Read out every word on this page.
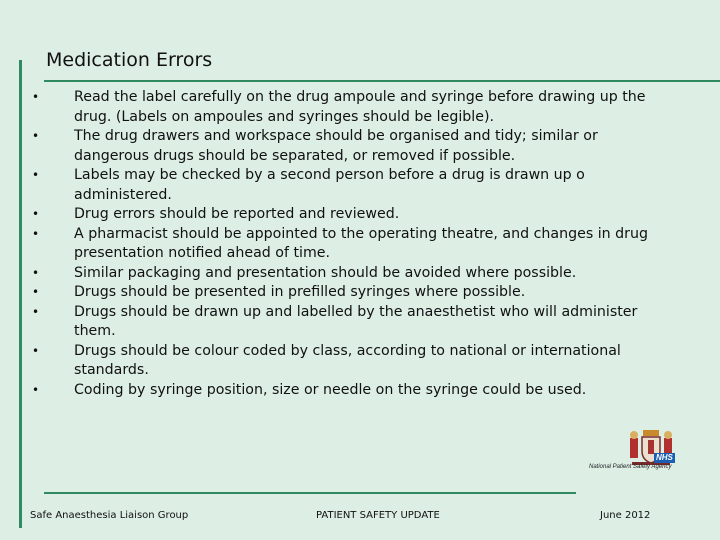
Medication Errors
• Read the label carefully on the drug ampoule and syringe before drawing up the drug. (Labels on ampoules and syringes should be legible).
• The drug drawers and workspace should be organised and tidy; similar or dangerous drugs should be separated, or removed if possible.
• Labels may be checked by a second person before a drug is drawn up o administered.
• Drug errors should be reported and reviewed.
• A pharmacist should be appointed to the operating theatre, and changes in drug presentation notified ahead of time.
• Similar packaging and presentation should be avoided where possible.
• Drugs should be presented in prefilled syringes where possible.
• Drugs should be drawn up and labelled by the anaesthetist who will administer them.
• Drugs should be colour coded by class, according to national or international standards.
• Coding by syringe position, size or needle on the syringe could be used.
NHS
National Patient Safety Agency
Safe Anaesthesia Liaison Group	PATIENT SAFETY UPDATE	June 2012
